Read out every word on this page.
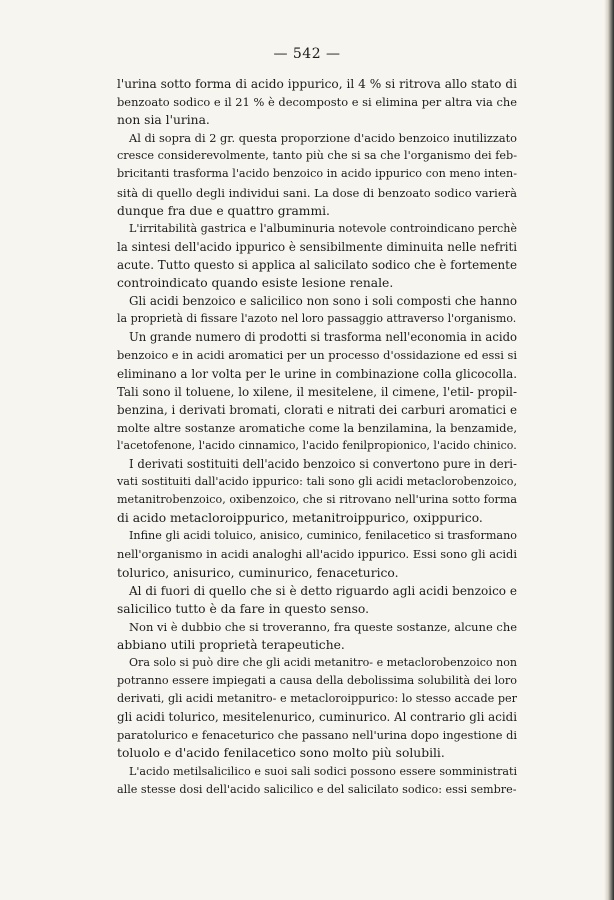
— 542 —
l'urina sotto forma di acido ippurico, il 4 % si ritrova allo stato di
benzoato sodico e il 21 % è decomposto e si elimina per altra via che
non sia l'urina.
Al di sopra di 2 gr. questa proporzione d'acido benzoico inutilizzato
cresce considerevolmente, tanto più che si sa che l'organismo dei feb-
bricitanti trasforma l'acido benzoico in acido ippurico con meno inten-
sità di quello degli individui sani. La dose di benzoato sodico varierà
dunque fra due e quattro grammi.
L'irritabilità gastrica e l'albuminuria notevole controindicano perchè
la sintesi dell'acido ippurico è sensibilmente diminuita nelle nefriti
acute. Tutto questo si applica al salicilato sodico che è fortemente
controindicato quando esiste lesione renale.
Gli acidi benzoico e salicilico non sono i soli composti che hanno
la proprietà di fissare l'azoto nel loro passaggio attraverso l'organismo.
Un grande numero di prodotti si trasforma nell'economia in acido
benzoico e in acidi aromatici per un processo d'ossidazione ed essi si
eliminano a lor volta per le urine in combinazione colla glicocolla.
Tali sono il toluene, lo xilene, il mesitelene, il cimene, l'etil- propil-
benzina, i derivati bromati, clorati e nitrati dei carburi aromatici e
molte altre sostanze aromatiche come la benzilamina, la benzamide,
l'acetofenone, l'acido cinnamico, l'acido fenilpropionico, l'acido chinico.
I derivati sostituiti dell'acido benzoico si convertono pure in deri-
vati sostituiti dall'acido ippurico: tali sono gli acidi metaclorobenzoico,
metanitrobenzoico, oxibenzoico, che si ritrovano nell'urina sotto forma
di acido metacloroippurico, metanitroippurico, oxippurico.
Infine gli acidi toluico, anisico, cuminico, fenilacetico si trasformano
nell'organismo in acidi analoghi all'acido ippurico. Essi sono gli acidi
tolurico, anisurico, cuminurico, fenaceturico.
Al di fuori di quello che si è detto riguardo agli acidi benzoico e
salicilico tutto è da fare in questo senso.
Non vi è dubbio che si troveranno, fra queste sostanze, alcune che
abbiano utili proprietà terapeutiche.
Ora solo si può dire che gli acidi metanitro- e metaclorobenzoico non
potranno essere impiegati a causa della debolissima solubilità dei loro
derivati, gli acidi metanitro- e metacloroippurico: lo stesso accade per
gli acidi tolurico, mesitelenurico, cuminurico. Al contrario gli acidi
paratolurico e fenaceturico che passano nell'urina dopo ingestione di
toluolo e d'acido fenilacetico sono molto più solubili.
L'acido metilsalicilico e suoi sali sodici possono essere somministrati
alle stesse dosi dell'acido salicilico e del salicilato sodico: essi sembre-
